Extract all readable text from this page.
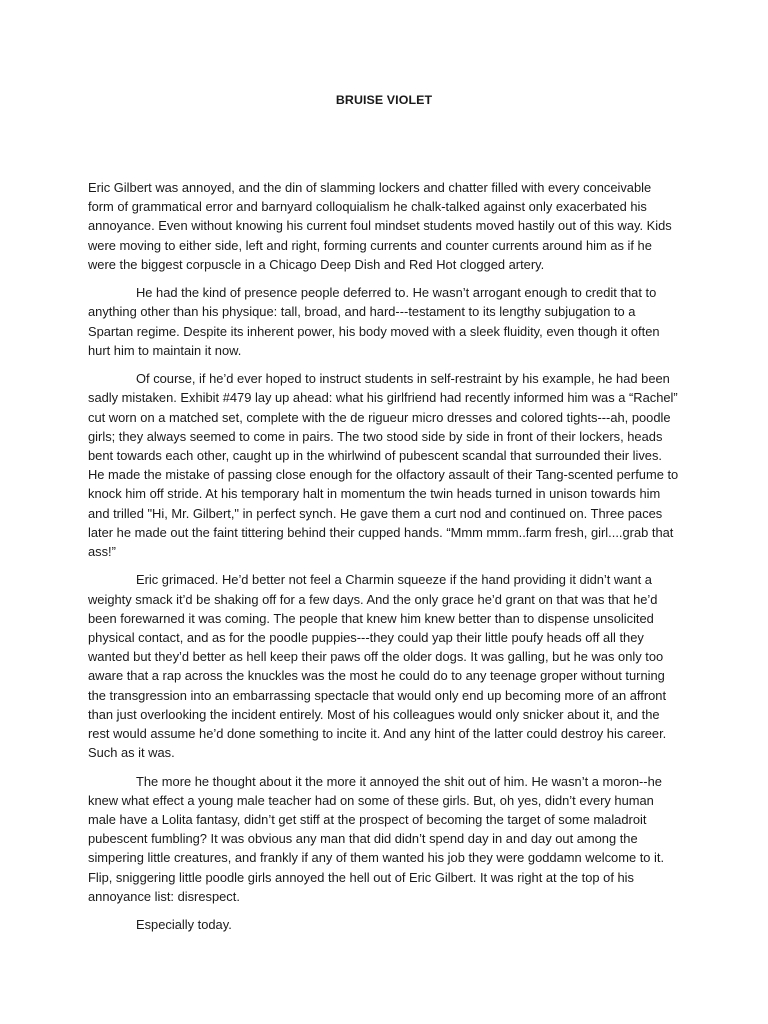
BRUISE VIOLET

Eric Gilbert was annoyed, and the din of slamming lockers and chatter filled with every conceivable form of grammatical error and barnyard colloquialism he chalk-talked against only exacerbated his annoyance. Even without knowing his current foul mindset students moved hastily out of this way. Kids were moving to either side, left and right, forming currents and counter currents around him as if he were the biggest corpuscle in a Chicago Deep Dish and Red Hot clogged artery.

He had the kind of presence people deferred to. He wasn’t arrogant enough to credit that to anything other than his physique: tall, broad, and hard---testament to its lengthy subjugation to a Spartan regime. Despite its inherent power, his body moved with a sleek fluidity, even though it often hurt him to maintain it now.

Of course, if he’d ever hoped to instruct students in self-restraint by his example, he had been sadly mistaken. Exhibit #479 lay up ahead: what his girlfriend had recently informed him was a “Rachel” cut worn on a matched set, complete with the de rigueur micro dresses and colored tights---ah, poodle girls; they always seemed to come in pairs. The two stood side by side in front of their lockers, heads bent towards each other, caught up in the whirlwind of pubescent scandal that surrounded their lives. He made the mistake of passing close enough for the olfactory assault of their Tang-scented perfume to knock him off stride. At his temporary halt in momentum the twin heads turned in unison towards him and trilled "Hi, Mr. Gilbert," in perfect synch. He gave them a curt nod and continued on. Three paces later he made out the faint tittering behind their cupped hands. “Mmm mmm..farm fresh, girl....grab that ass!”

Eric grimaced. He’d better not feel a Charmin squeeze if the hand providing it didn’t want a weighty smack it’d be shaking off for a few days. And the only grace he’d grant on that was that he’d been forewarned it was coming. The people that knew him knew better than to dispense unsolicited physical contact, and as for the poodle puppies---they could yap their little poufy heads off all they wanted but they’d better as hell keep their paws off the older dogs. It was galling, but he was only too aware that a rap across the knuckles was the most he could do to any teenage groper without turning the transgression into an embarrassing spectacle that would only end up becoming more of an affront than just overlooking the incident entirely. Most of his colleagues would only snicker about it, and the rest would assume he’d done something to incite it. And any hint of the latter could destroy his career. Such as it was.

The more he thought about it the more it annoyed the shit out of him. He wasn’t a moron--he knew what effect a young male teacher had on some of these girls. But, oh yes, didn’t every human male have a Lolita fantasy, didn’t get stiff at the prospect of becoming the target of some maladroit pubescent fumbling? It was obvious any man that did didn’t spend day in and day out among the simpering little creatures, and frankly if any of them wanted his job they were goddamn welcome to it. Flip, sniggering little poodle girls annoyed the hell out of Eric Gilbert. It was right at the top of his annoyance list: disrespect.

Especially today.
